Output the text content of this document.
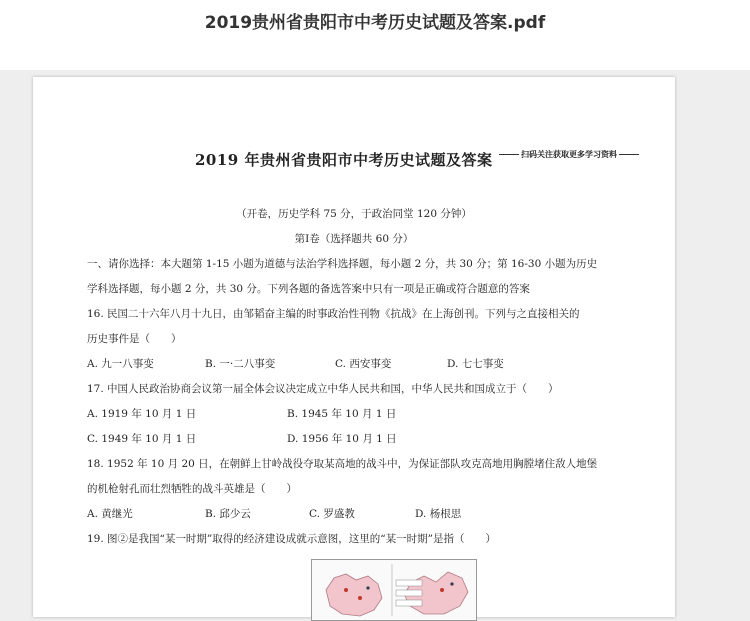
2019贵州省贵阳市中考历史试题及答案.pdf
2019 年贵州省贵阳市中考历史试题及答案	扫码关注获取更多学习资料
（开卷，历史学科 75 分，于政治同堂 120 分钟）
第Ⅰ卷（选择题共 60 分）
一、请你选择：本大题第 1-15 小题为道德与法治学科选择题，每小题 2 分，共 30 分；第 16-30 小题为历史
学科选择题，每小题 2 分，共 30 分。下列各题的备选答案中只有一项是正确或符合题意的答案
16. 民国二十六年八月十九日，由邹韬奋主编的时事政治性刊物《抗战》在上海创刊。下列与之直接相关的
历史事件是（　　）
A. 九一八事变	B. 一·二八事变	C. 西安事变	D. 七七事变
17. 中国人民政治协商会议第一届全体会议决定成立中华人民共和国，中华人民共和国成立于（　　）
A. 1919 年 10 月 1 日	B. 1945 年 10 月 1 日
C. 1949 年 10 月 1 日	D. 1956 年 10 月 1 日
18. 1952 年 10 月 20 日，在朝鲜上甘岭战役夺取某高地的战斗中，为保证部队攻克高地用胸膛堵住敌人地堡
的机枪射孔而壮烈牺牲的战斗英雄是（　　）
A. 黄继光	B. 邱少云	C. 罗盛教	D. 杨根思
19. 图②是我国“某一时期”取得的经济建设成就示意图，这里的“某一时期”是指（　　）
